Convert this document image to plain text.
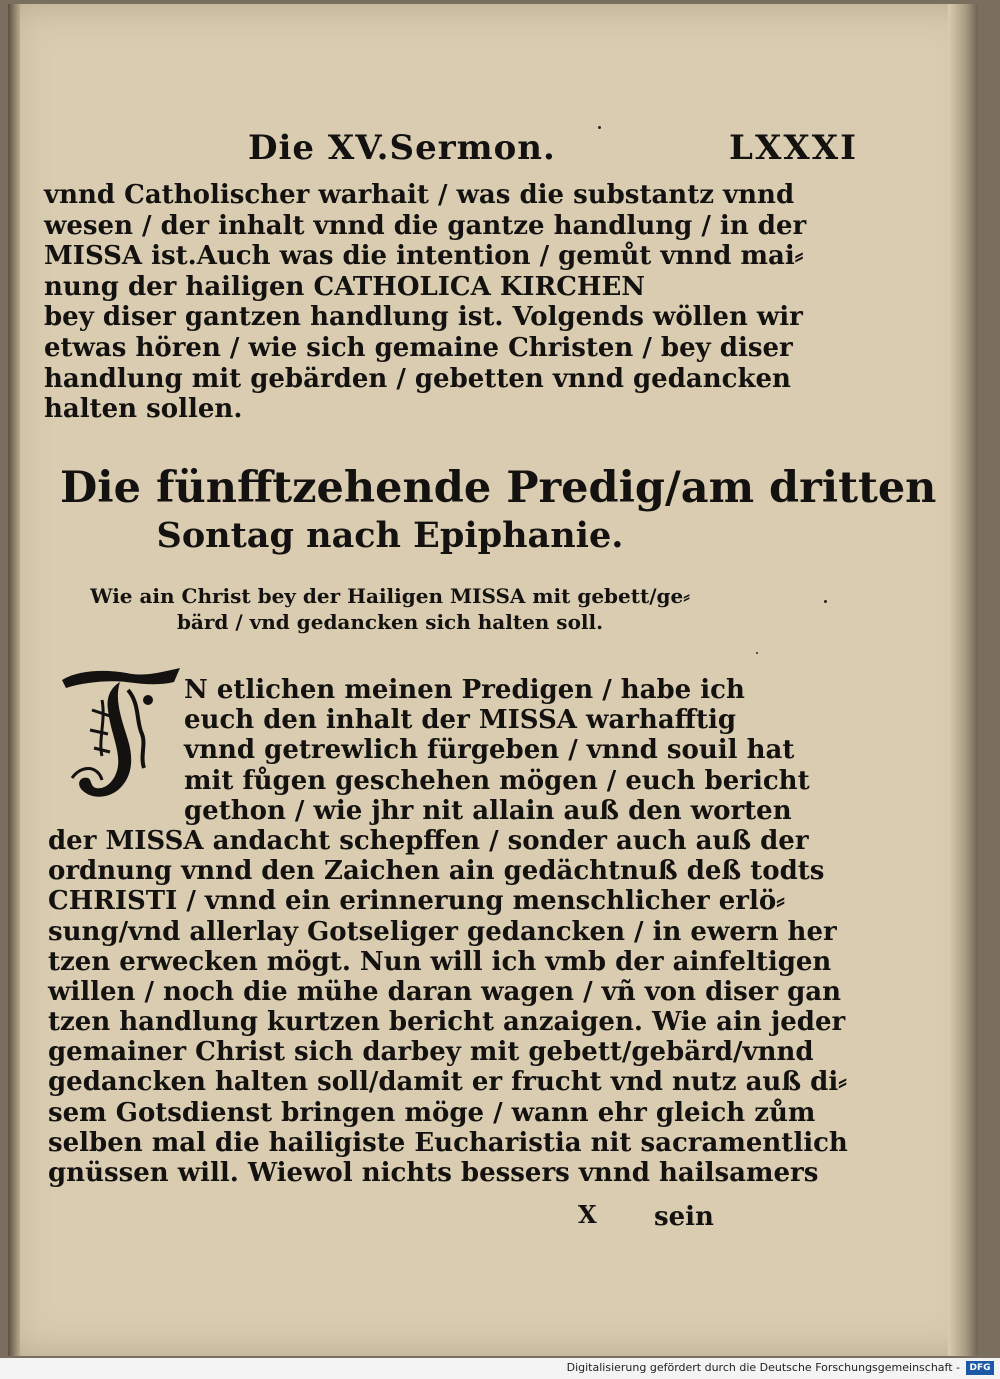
Die XV.Sermon.	LXXXI
vnnd Catholischer warhait / was die substantz vnnd
wesen / der inhalt vnnd die gantze handlung / in der
MISSA ist.Auch was die intention / gemůt vnnd mai⸗
nung der hailigen CATHOLICA KIRCHEN
bey diser gantzen handlung ist. Volgends wöllen wir
etwas hören / wie sich gemaine Christen / bey diser
handlung mit gebärden / gebetten vnnd gedancken
halten sollen.
Die fünfftzehende Predig/am dritten
Sontag nach Epiphanie.
Wie ain Christ bey der Hailigen MISSA mit gebett/ge⸗
bärd / vnd gedancken sich halten soll.
N etlichen meinen Predigen / habe ich
euch den inhalt der MISSA warhafftig
vnnd getrewlich fürgeben / vnnd souil hat
mit fůgen geschehen mögen / euch bericht
gethon / wie jhr nit allain auß den worten
der MISSA andacht schepffen / sonder auch auß der
ordnung vnnd den Zaichen ain gedächtnuß deß todts
CHRISTI / vnnd ein erinnerung menschlicher erlö⸗
sung/vnd allerlay Gotseliger gedancken / in ewern her
tzen erwecken mögt. Nun will ich vmb der ainfeltigen
willen / noch die mühe daran wagen / vñ von diser gan
tzen handlung kurtzen bericht anzaigen. Wie ain jeder
gemainer Christ sich darbey mit gebett/gebärd/vnnd
gedancken halten soll/damit er frucht vnd nutz auß di⸗
sem Gotsdienst bringen möge / wann ehr gleich zům
selben mal die hailigiste Eucharistia nit sacramentlich
gnüssen will. Wiewol nichts bessers vnnd hailsamers
X sein
Digitalisierung gefördert durch die Deutsche Forschungsgemeinschaft -	DFG
